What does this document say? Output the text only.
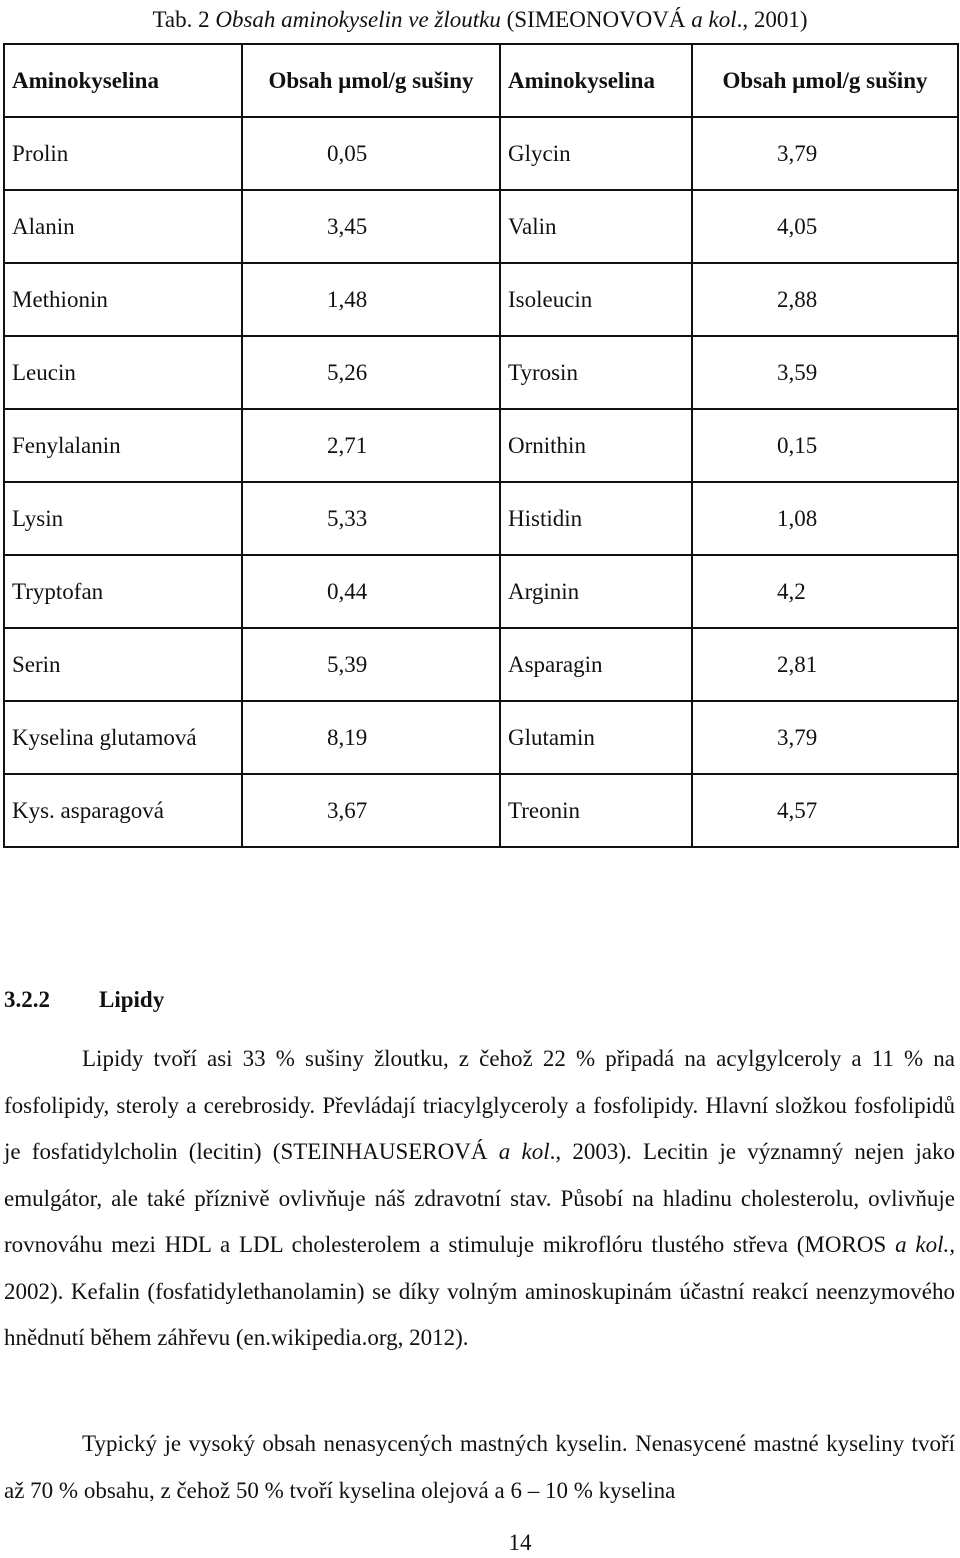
Tab. 2 Obsah aminokyselin ve žloutku (SIMEONOVOVÁ a kol., 2001)
Aminokyselina	Obsah µmol/g sušiny	Aminokyselina	Obsah µmol/g sušiny
Prolin	0,05	Glycin	3,79
Alanin	3,45	Valin	4,05
Methionin	1,48	Isoleucin	2,88
Leucin	5,26	Tyrosin	3,59
Fenylalanin	2,71	Ornithin	0,15
Lysin	5,33	Histidin	1,08
Tryptofan	0,44	Arginin	4,2
Serin	5,39	Asparagin	2,81
Kyselina glutamová	8,19	Glutamin	3,79
Kys. asparagová	3,67	Treonin	4,57
3.2.2 Lipidy

Lipidy tvoří asi 33 % sušiny žloutku, z čehož 22 % připadá na acylgylceroly a 11 % na fosfolipidy, steroly a cerebrosidy. Převládají triacylglyceroly a fosfolipidy. Hlavní složkou fosfolipidů je fosfatidylcholin (lecitin) (STEINHAUSEROVÁ a kol., 2003). Lecitin je významný nejen jako emulgátor, ale také příznivě ovlivňuje náš zdravotní stav. Působí na hladinu cholesterolu, ovlivňuje rovnováhu mezi HDL a LDL cholesterolem a stimuluje mikroflóru tlustého střeva (MOROS a kol., 2002). Kefalin (fosfatidylethanolamin) se díky volným aminoskupinám účastní reakcí neenzymového hnědnutí během záhřevu (en.wikipedia.org, 2012).

Typický je vysoký obsah nenasycených mastných kyselin. Nenasycené mastné kyseliny tvoří až 70 % obsahu, z čehož 50 % tvoří kyselina olejová a 6 – 10 % kyselina

14
